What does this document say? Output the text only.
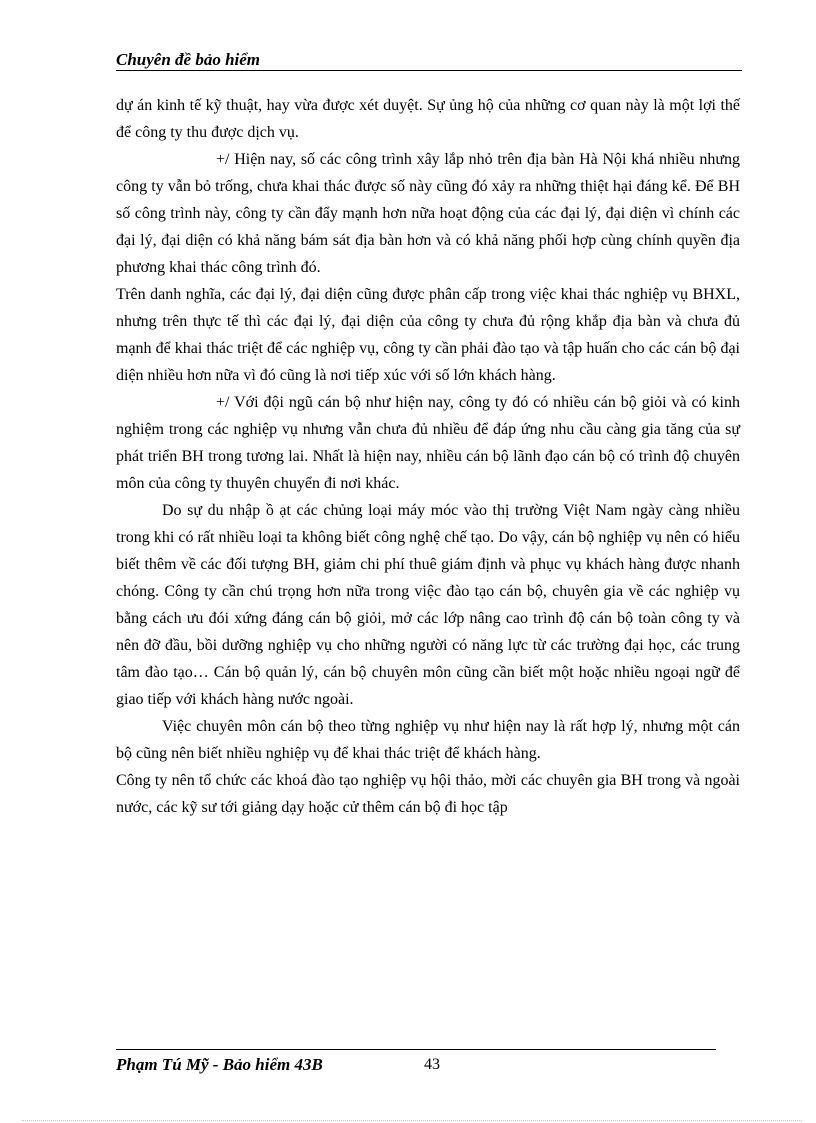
Chuyên đề bảo hiểm

dự án kinh tế kỹ thuật, hay vừa được xét duyệt. Sự ủng hộ của những cơ quan này là một lợi thế để công ty thu được dịch vụ.

+/ Hiện nay, số các công trình xây lắp nhỏ trên địa bàn Hà Nội khá nhiều nhưng công ty vẫn bỏ trống, chưa khai thác được số này cũng đó xảy ra những thiệt hại đáng kể. Để BH số công trình này, công ty cần đẩy mạnh hơn nữa hoạt động của các đại lý, đại diện vì chính các đại lý, đại diện có khả năng bám sát địa bàn hơn và có khả năng phối hợp cùng chính quyền địa phương khai thác công trình đó.

Trên danh nghĩa, các đại lý, đại diện cũng được phân cấp trong việc khai thác nghiệp vụ BHXL, nhưng trên thực tế thì các đại lý, đại diện của công ty chưa đủ rộng khắp địa bàn và chưa đủ mạnh để khai thác triệt để các nghiệp vụ, công ty cần phải đào tạo và tập huấn cho các cán bộ đại diện nhiều hơn nữa vì đó cũng là nơi tiếp xúc với số lớn khách hàng.

+/ Với đội ngũ cán bộ như hiện nay, công ty đó có nhiều cán bộ giỏi và có kinh nghiệm trong các nghiệp vụ nhưng vẫn chưa đủ nhiều để đáp ứng nhu cầu càng gia tăng của sự phát triển BH trong tương lai. Nhất là hiện nay, nhiều cán bộ lãnh đạo cán bộ có trình độ chuyên môn của công ty thuyên chuyển đi nơi khác.

Do sự du nhập ồ ạt các chủng loại máy móc vào thị trường Việt Nam ngày càng nhiều trong khi có rất nhiều loại ta không biết công nghệ chế tạo. Do vậy, cán bộ nghiệp vụ nên có hiểu biết thêm về các đối tượng BH, giảm chi phí thuê giám định và phục vụ khách hàng được nhanh chóng. Công ty cần chú trọng hơn nữa trong việc đào tạo cán bộ, chuyên gia về các nghiệp vụ bằng cách ưu đói xứng đáng cán bộ giỏi, mở các lớp nâng cao trình độ cán bộ toàn công ty và nên đỡ đầu, bồi dưỡng nghiệp vụ cho những người có năng lực từ các trường đại học, các trung tâm đào tạo… Cán bộ quản lý, cán bộ chuyên môn cũng cần biết một hoặc nhiều ngoại ngữ để giao tiếp với khách hàng nước ngoài.

Việc chuyên môn cán bộ theo từng nghiệp vụ như hiện nay là rất hợp lý, nhưng một cán bộ cũng nên biết nhiều nghiệp vụ để khai thác triệt để khách hàng.

Công ty nên tổ chức các khoá đào tạo nghiệp vụ hội thảo, mời các chuyên gia BH trong và ngoài nước, các kỹ sư tới giảng dạy hoặc cử thêm cán bộ đi học tập

Phạm Tú Mỹ - Bảo hiểm 43B	43
